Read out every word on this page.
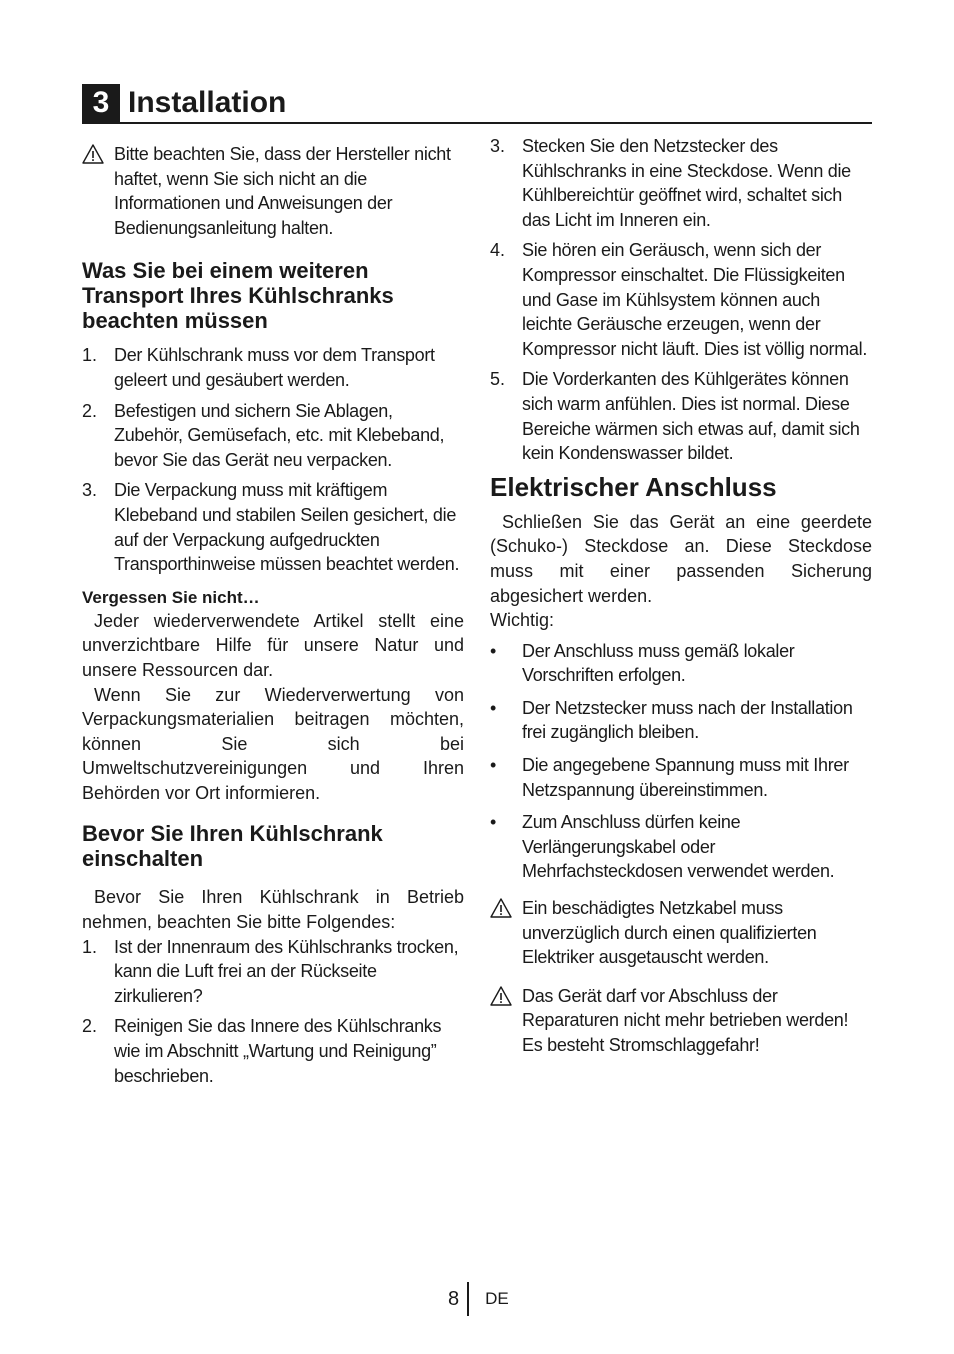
3 Installation
Bitte beachten Sie, dass der Hersteller nicht haftet, wenn Sie sich nicht an die Informationen und Anweisungen der Bedienungsanleitung halten.
Was Sie bei einem weiteren Transport Ihres Kühlschranks beachten müssen
1. Der Kühlschrank muss vor dem Transport geleert und gesäubert werden.
2. Befestigen und sichern Sie Ablagen, Zubehör, Gemüsefach, etc. mit Klebeband, bevor Sie das Gerät neu verpacken.
3. Die Verpackung muss mit kräftigem Klebeband und stabilen Seilen gesichert, die auf der Verpackung aufgedruckten Transporthinweise müssen beachtet werden.
Vergessen Sie nicht…

Jeder wiederverwendete Artikel stellt eine unverzichtbare Hilfe für unsere Natur und unsere Ressourcen dar.

Wenn Sie zur Wiederverwertung von Verpackungsmaterialien beitragen möchten, können Sie sich bei Umweltschutzvereinigungen und Ihren Behörden vor Ort informieren.

Bevor Sie Ihren Kühlschrank einschalten

Bevor Sie Ihren Kühlschrank in Betrieb nehmen, beachten Sie bitte Folgendes:

1. Ist der Innenraum des Kühlschranks trocken, kann die Luft frei an der Rückseite zirkulieren?
2. Reinigen Sie das Innere des Kühlschranks wie im Abschnitt „Wartung und Reinigung” beschrieben.
3. Stecken Sie den Netzstecker des Kühlschranks in eine Steckdose. Wenn die Kühlbereichtür geöffnet wird, schaltet sich das Licht im Inneren ein.
4. Sie hören ein Geräusch, wenn sich der Kompressor einschaltet. Die Flüssigkeiten und Gase im Kühlsystem können auch leichte Geräusche erzeugen, wenn der Kompressor nicht läuft. Dies ist völlig normal.
5. Die Vorderkanten des Kühlgerätes können sich warm anfühlen. Dies ist normal. Diese Bereiche wärmen sich etwas auf, damit sich kein Kondenswasser bildet.
Elektrischer Anschluss

Schließen Sie das Gerät an eine geerdete (Schuko-) Steckdose an. Diese Steckdose muss mit einer passenden Sicherung abgesichert werden.

Wichtig:

•	Der Anschluss muss gemäß lokaler Vorschriften erfolgen.
•	Der Netzstecker muss nach der Installation frei zugänglich bleiben.
•	Die angegebene Spannung muss mit Ihrer Netzspannung übereinstimmen.
•	Zum Anschluss dürfen keine Verlängerungskabel oder Mehrfachsteckdosen verwendet werden.
Ein beschädigtes Netzkabel muss unverzüglich durch einen qualifizierten Elektriker ausgetauscht werden.
Das Gerät darf vor Abschluss der Reparaturen nicht mehr betrieben werden! Es besteht Stromschlaggefahr!
8	DE
